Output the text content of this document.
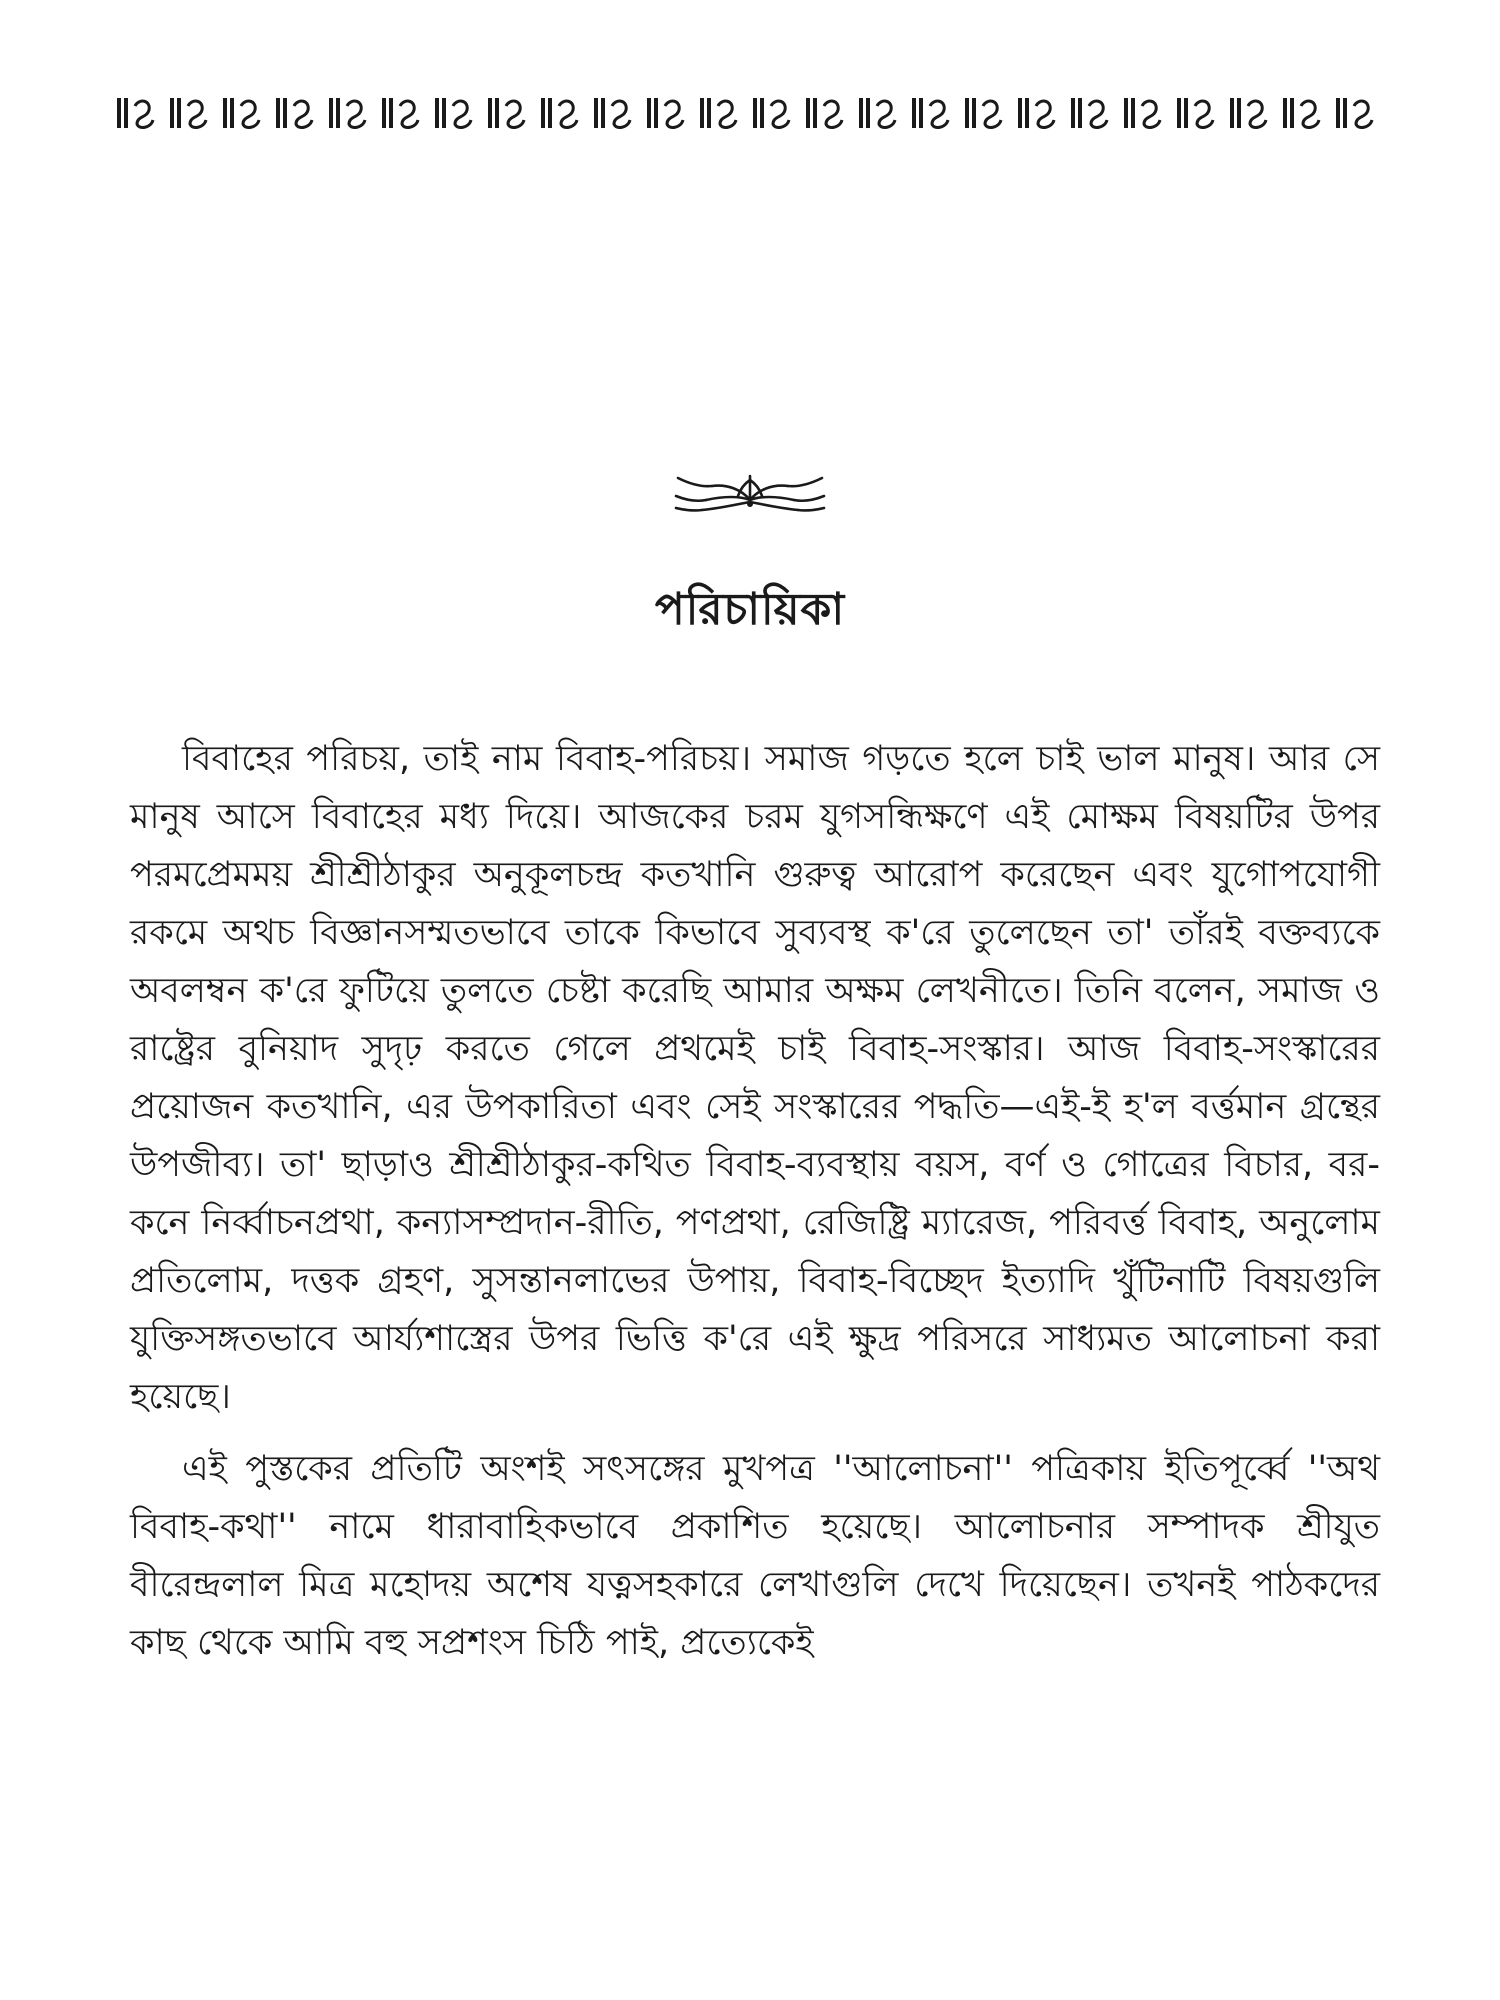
পরিচায়িকা

বিবাহের পরিচয়, তাই নাম বিবাহ-পরিচয়। সমাজ গড়তে হলে চাই ভাল মানুষ। আর সে মানুষ আসে বিবাহের মধ্য দিয়ে। আজকের চরম যুগসন্ধিক্ষণে এই মোক্ষম বিষয়টির উপর পরমপ্রেমময় শ্রীশ্রীঠাকুর অনুকূলচন্দ্র কতখানি গুরুত্ব আরোপ করেছেন এবং যুগোপযোগী রকমে অথচ বিজ্ঞানসম্মতভাবে তাকে কিভাবে সুব্যবস্থ ক'রে তুলেছেন তা' তাঁরই বক্তব্যকে অবলম্বন ক'রে ফুটিয়ে তুলতে চেষ্টা করেছি আমার অক্ষম লেখনীতে। তিনি বলেন, সমাজ ও রাষ্ট্রের বুনিয়াদ সুদৃঢ় করতে গেলে প্রথমেই চাই বিবাহ-সংস্কার। আজ বিবাহ-সংস্কারের প্রয়োজন কতখানি, এর উপকারিতা এবং সেই সংস্কারের পদ্ধতি—এই-ই হ'ল বর্ত্তমান গ্রন্থের উপজীব্য। তা' ছাড়াও শ্রীশ্রীঠাকুর-কথিত বিবাহ-ব্যবস্থায় বয়স, বর্ণ ও গোত্রের বিচার, বর-কনে নির্ব্বাচনপ্রথা, কন্যাসম্প্রদান-রীতি, পণপ্রথা, রেজিষ্ট্রি ম্যারেজ, পরিবর্ত্ত বিবাহ, অনুলোম প্রতিলোম, দত্তক গ্রহণ, সুসন্তানলাভের উপায়, বিবাহ-বিচ্ছেদ ইত্যাদি খুঁটিনাটি বিষয়গুলি যুক্তিসঙ্গতভাবে আর্য্যশাস্ত্রের উপর ভিত্তি ক'রে এই ক্ষুদ্র পরিসরে সাধ্যমত আলোচনা করা হয়েছে।

এই পুস্তকের প্রতিটি অংশই সৎসঙ্গের মুখপত্র ''আলোচনা'' পত্রিকায় ইতিপূর্ব্বে ''অথ বিবাহ-কথা'' নামে ধারাবাহিকভাবে প্রকাশিত হয়েছে। আলোচনার সম্পাদক শ্রীযুত বীরেন্দ্রলাল মিত্র মহোদয় অশেষ যত্নসহকারে লেখাগুলি দেখে দিয়েছেন। তখনই পাঠকদের কাছ থেকে আমি বহু সপ্রশংস চিঠি পাই, প্রত্যেকেই
